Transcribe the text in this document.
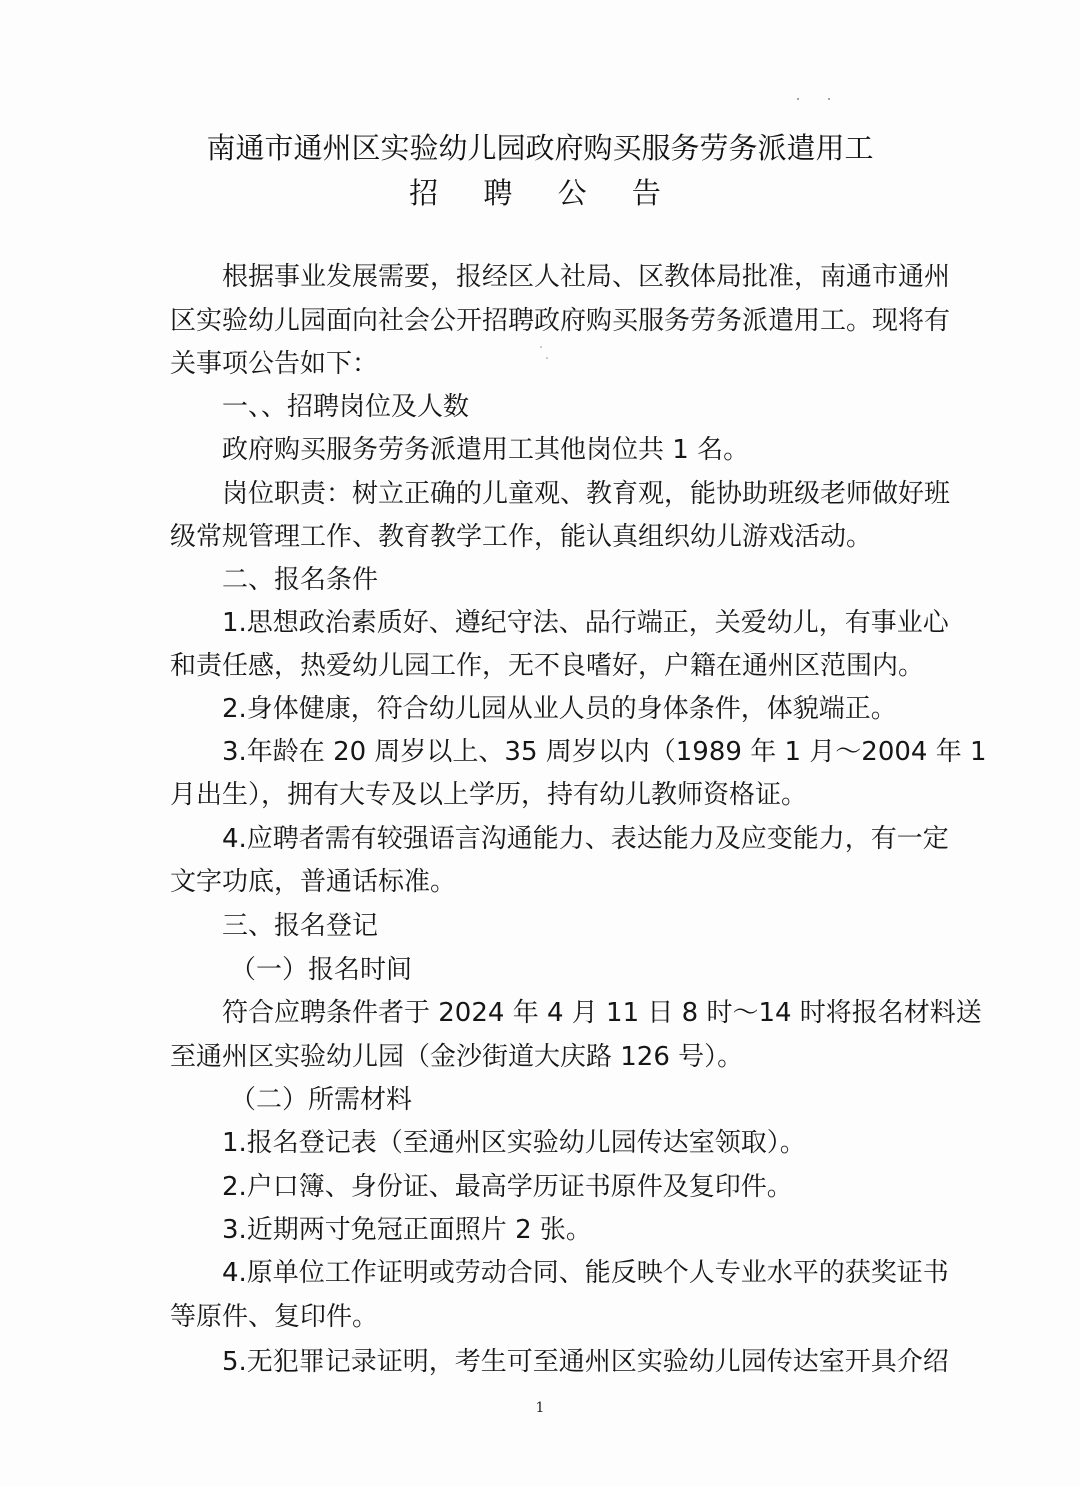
南通市通州区实验幼儿园政府购买服务劳务派遣用工
招 聘 公 告
根据事业发展需要，报经区人社局、区教体局批准，南通市通州
区实验幼儿园面向社会公开招聘政府购买服务劳务派遣用工。现将有
关事项公告如下：
一、、招聘岗位及人数
政府购买服务劳务派遣用工其他岗位共 1 名。
岗位职责：树立正确的儿童观、教育观，能协助班级老师做好班
级常规管理工作、教育教学工作，能认真组织幼儿游戏活动。
二、报名条件
1.思想政治素质好、遵纪守法、品行端正，关爱幼儿，有事业心
和责任感，热爱幼儿园工作，无不良嗜好，户籍在通州区范围内。
2.身体健康，符合幼儿园从业人员的身体条件，体貌端正。
3.年龄在 20 周岁以上、35 周岁以内（1989 年 1 月～2004 年 1
月出生），拥有大专及以上学历，持有幼儿教师资格证。
4.应聘者需有较强语言沟通能力、表达能力及应变能力，有一定
文字功底，普通话标准。
三、报名登记
（一）报名时间
符合应聘条件者于 2024 年 4 月 11 日 8 时～14 时将报名材料送
至通州区实验幼儿园（金沙街道大庆路 126 号）。
（二）所需材料
1.报名登记表（至通州区实验幼儿园传达室领取）。
2.户口簿、身份证、最高学历证书原件及复印件。
3.近期两寸免冠正面照片 2 张。
4.原单位工作证明或劳动合同、能反映个人专业水平的获奖证书
等原件、复印件。
5.无犯罪记录证明，考生可至通州区实验幼儿园传达室开具介绍
1
